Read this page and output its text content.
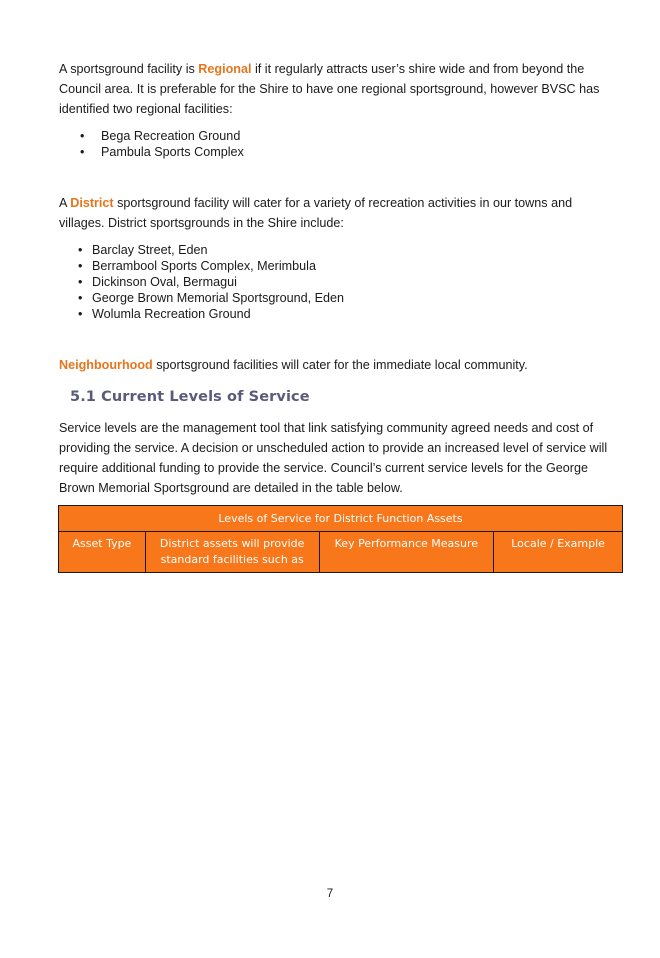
A sportsground facility is Regional if it regularly attracts user’s shire wide and from beyond the Council area. It is preferable for the Shire to have one regional sportsground, however BVSC has identified two regional facilities:

• Bega Recreation Ground
• Pambula Sports Complex

A District sportsground facility will cater for a variety of recreation activities in our towns and villages. District sportsgrounds in the Shire include:

• Barclay Street, Eden
• Berrambool Sports Complex, Merimbula
• Dickinson Oval, Bermagui
• George Brown Memorial Sportsground, Eden
• Wolumla Recreation Ground

Neighbourhood sportsground facilities will cater for the immediate local community.

5.1 Current Levels of Service

Service levels are the management tool that link satisfying community agreed needs and cost of providing the service. A decision or unscheduled action to provide an increased level of service will require additional funding to provide the service. Council’s current service levels for the George Brown Memorial Sportsground are detailed in the table below.

Levels of Service for District Function Assets
Asset Type	District assets will provide standard facilities such as	Key Performance Measure	Locale / Example
7
